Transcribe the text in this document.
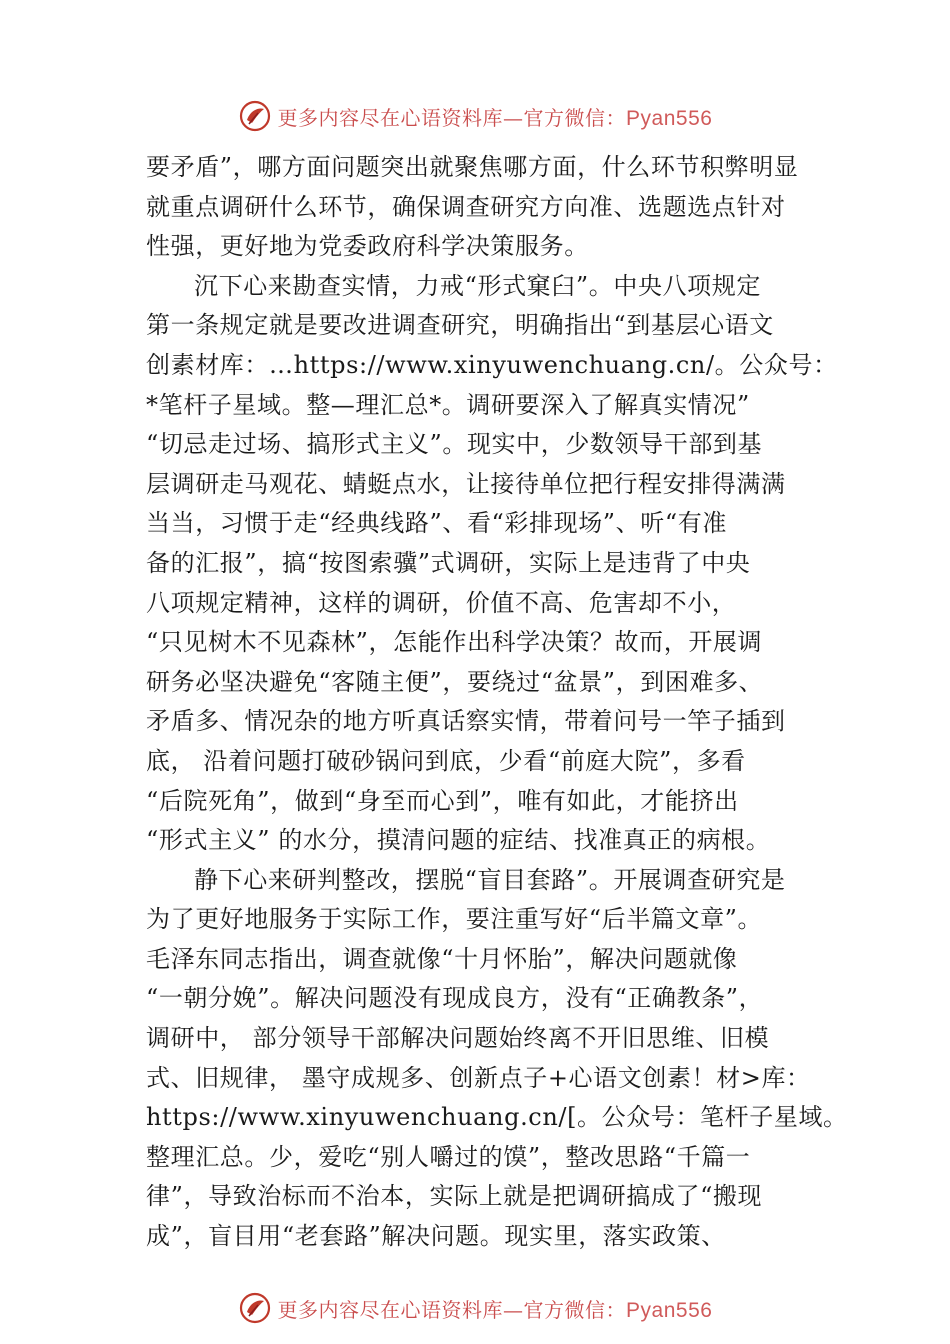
更多内容尽在心语资料库—官方微信：Pyan556
要矛盾”，哪方面问题突出就聚焦哪方面，什么环节积弊明显
就重点调研什么环节，确保调查研究方向准、选题选点针对
性强，更好地为党委政府科学决策服务。
沉下心来勘查实情，力戒“形式窠臼”。中央八项规定
第一条规定就是要改进调查研究，明确指出“到基层心语文
创素材库：…https://www.xinyuwenchuang.cn/。公众号：
*笔杆子星域。整—理汇总*。调研要深入了解真实情况”
“切忌走过场、搞形式主义”。现实中，少数领导干部到基
层调研走马观花、蜻蜓点水，让接待单位把行程安排得满满
当当，习惯于走“经典线路”、看“彩排现场”、听“有准
备的汇报”，搞“按图索骥”式调研，实际上是违背了中央
八项规定精神，这样的调研，价值不高、危害却不小，
“只见树木不见森林”，怎能作出科学决策？故而，开展调
研务必坚决避免“客随主便”，要绕过“盆景”，到困难多、
矛盾多、情况杂的地方听真话察实情，带着问号一竿子插到
底， 沿着问题打破砂锅问到底，少看“前庭大院”，多看
“后院死角”，做到“身至而心到”，唯有如此，才能挤出
“形式主义” 的水分，摸清问题的症结、找准真正的病根。
静下心来研判整改，摆脱“盲目套路”。开展调查研究是
为了更好地服务于实际工作，要注重写好“后半篇文章”。
毛泽东同志指出，调查就像“十月怀胎”，解决问题就像
“一朝分娩”。解决问题没有现成良方，没有“正确教条”，
调研中， 部分领导干部解决问题始终离不开旧思维、旧模
式、旧规律， 墨守成规多、创新点子+心语文创素！材>库：
https://www.xinyuwenchuang.cn/[。公众号：笔杆子星域。
整理汇总。少，爱吃“别人嚼过的馍”，整改思路“千篇一
律”，导致治标而不治本，实际上就是把调研搞成了“搬现
成”，盲目用“老套路”解决问题。现实里，落实政策、
更多内容尽在心语资料库—官方微信：Pyan556
